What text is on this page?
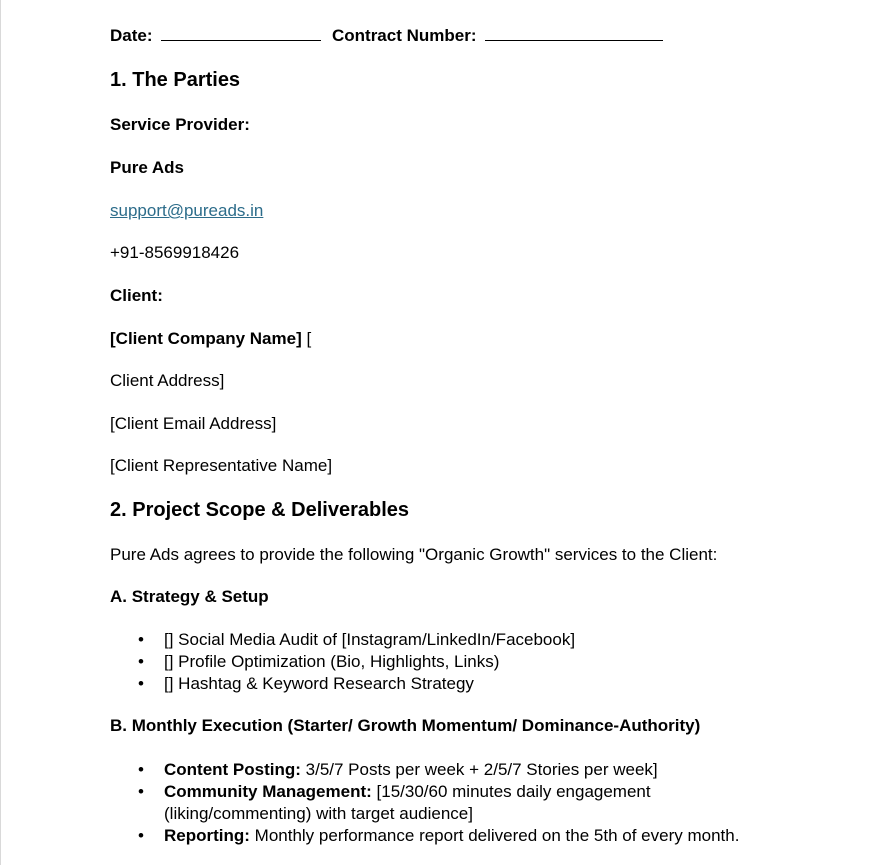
Date:	Contract Number:
1. The Parties
Service Provider:
Pure Ads
support@pureads.in
+91-8569918426
Client:
[Client Company Name] [
Client Address]
[Client Email Address]
[Client Representative Name]
2. Project Scope & Deliverables
Pure Ads agrees to provide the following "Organic Growth" services to the Client:
A. Strategy & Setup
• [] Social Media Audit of [Instagram/LinkedIn/Facebook]
• [] Profile Optimization (Bio, Highlights, Links)
• [] Hashtag & Keyword Research Strategy
B. Monthly Execution (Starter/ Growth Momentum/ Dominance-Authority)
• Content Posting: 3/5/7 Posts per week + 2/5/7 Stories per week]
• Community Management: [15/30/60 minutes daily engagement (liking/commenting) with target audience]
• Reporting: Monthly performance report delivered on the 5th of every month.
